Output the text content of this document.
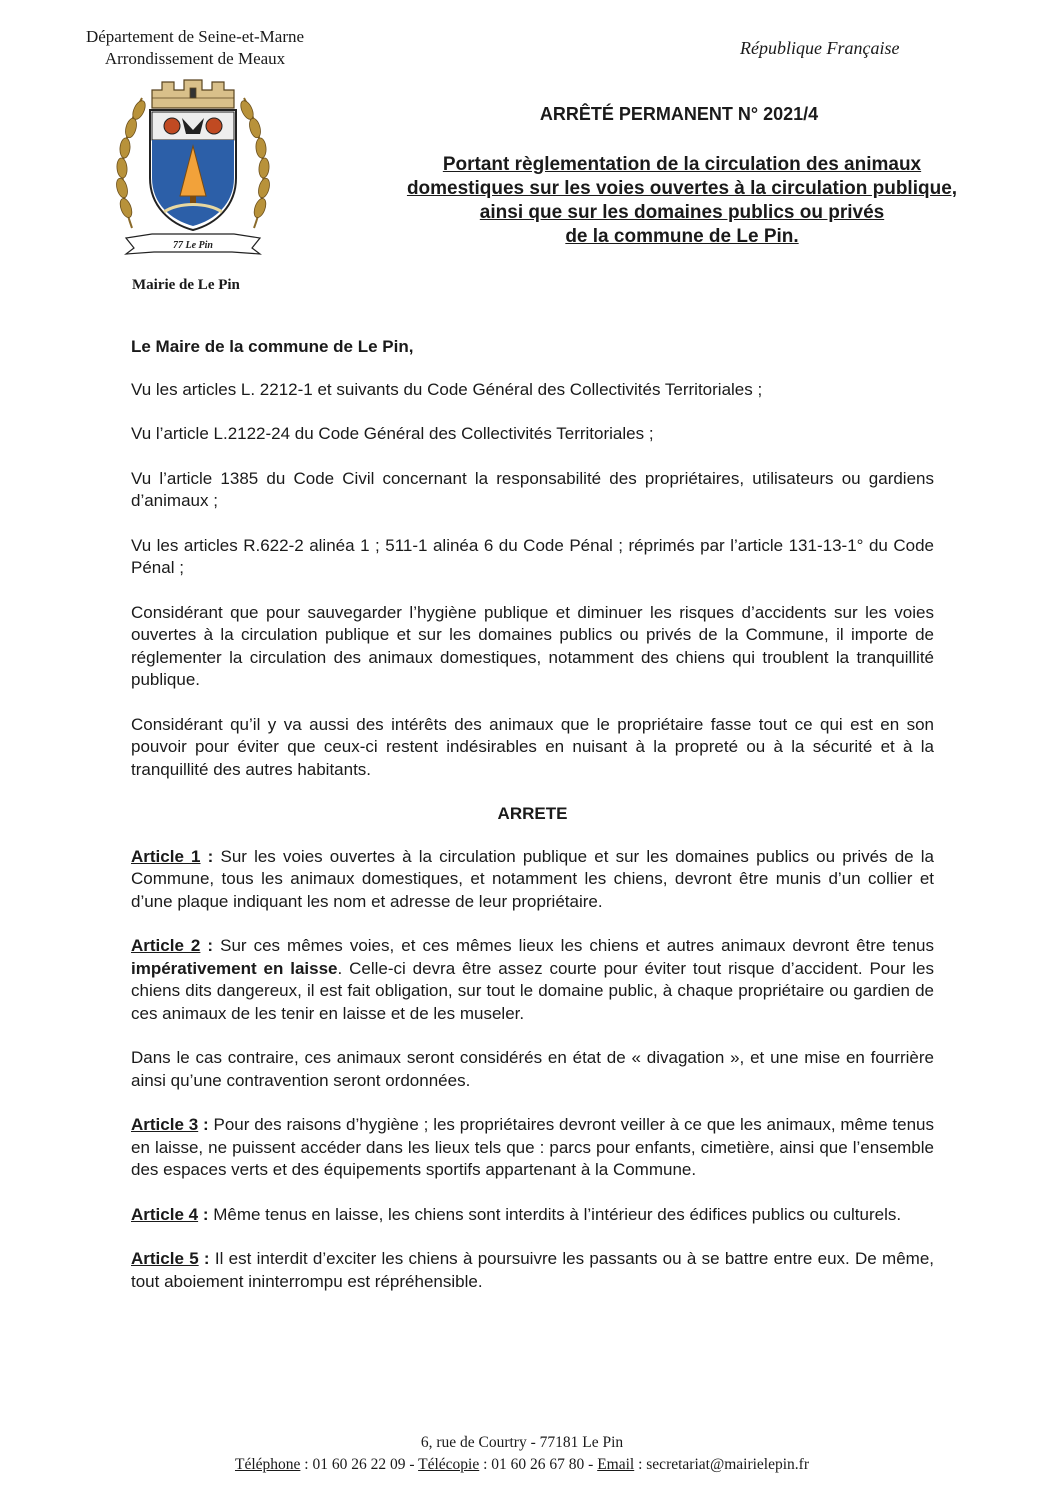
Département de Seine-et-Marne
Arrondissement de Meaux
République Française
77 Le Pin
Mairie de Le Pin
ARRÊTÉ PERMANENT N° 2021/4
Portant règlementation de la circulation des animaux
domestiques sur les voies ouvertes à la circulation publique,
ainsi que sur les domaines publics ou privés
de la commune de Le Pin.

Le Maire de la commune de Le Pin,

Vu les articles L. 2212-1 et suivants du Code Général des Collectivités Territoriales ;

Vu l’article L.2122-24 du Code Général des Collectivités Territoriales ;

Vu l’article 1385 du Code Civil concernant la responsabilité des propriétaires, utilisateurs ou gardiens d’animaux ;

Vu les articles R.622-2 alinéa 1 ; 511-1 alinéa 6 du Code Pénal ; réprimés par l’article 131-13-1° du Code Pénal ;

Considérant que pour sauvegarder l’hygiène publique et diminuer les risques d’accidents sur les voies ouvertes à la circulation publique et sur les domaines publics ou privés de la Commune, il importe de réglementer la circulation des animaux domestiques, notamment des chiens qui troublent la tranquillité publique.

Considérant qu’il y va aussi des intérêts des animaux que le propriétaire fasse tout ce qui est en son pouvoir pour éviter que ceux-ci restent indésirables en nuisant à la propreté ou à la sécurité et à la tranquillité des autres habitants.

ARRETE

Article 1 : Sur les voies ouvertes à la circulation publique et sur les domaines publics ou privés de la Commune, tous les animaux domestiques, et notamment les chiens, devront être munis d’un collier et d’une plaque indiquant les nom et adresse de leur propriétaire.

Article 2 : Sur ces mêmes voies, et ces mêmes lieux les chiens et autres animaux devront être tenus impérativement en laisse. Celle-ci devra être assez courte pour éviter tout risque d’accident. Pour les chiens dits dangereux, il est fait obligation, sur tout le domaine public, à chaque propriétaire ou gardien de ces animaux de les tenir en laisse et de les museler.

Dans le cas contraire, ces animaux seront considérés en état de « divagation », et une mise en fourrière ainsi qu’une contravention seront ordonnées.

Article 3 : Pour des raisons d’hygiène ; les propriétaires devront veiller à ce que les animaux, même tenus en laisse, ne puissent accéder dans les lieux tels que : parcs pour enfants, cimetière, ainsi que l’ensemble des espaces verts et des équipements sportifs appartenant à la Commune.

Article 4 : Même tenus en laisse, les chiens sont interdits à l’intérieur des édifices publics ou culturels.

Article 5 : Il est interdit d’exciter les chiens à poursuivre les passants ou à se battre entre eux. De même, tout aboiement ininterrompu est répréhensible.

6, rue de Courtry - 77181 Le Pin
Téléphone : 01 60 26 22 09 - Télécopie : 01 60 26 67 80 - Email : secretariat@mairielepin.fr
